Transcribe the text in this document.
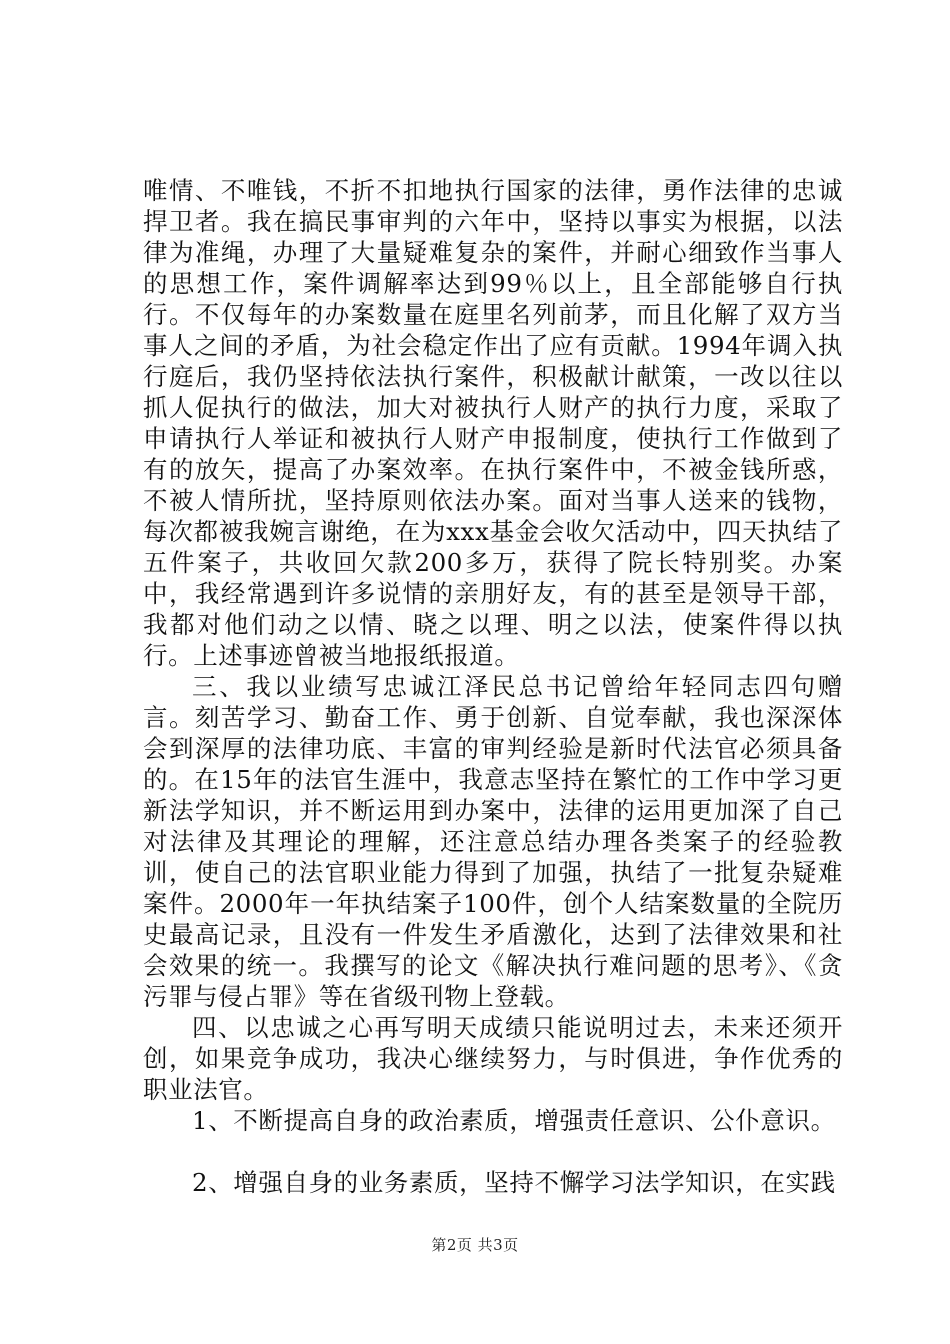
唯情、不唯钱，不折不扣地执行国家的法律，勇作法律的忠诚捍卫者。我在搞民事审判的六年中，坚持以事实为根据，以法律为准绳，办理了大量疑难复杂的案件，并耐心细致作当事人的思想工作，案件调解率达到99％以上，且全部能够自行执行。不仅每年的办案数量在庭里名列前茅，而且化解了双方当事人之间的矛盾，为社会稳定作出了应有贡献。1994年调入执行庭后，我仍坚持依法执行案件，积极献计献策，一改以往以抓人促执行的做法，加大对被执行人财产的执行力度，采取了申请执行人举证和被执行人财产申报制度，使执行工作做到了有的放矢，提高了办案效率。在执行案件中，不被金钱所惑，不被人情所扰，坚持原则依法办案。面对当事人送来的钱物，每次都被我婉言谢绝，在为xxx基金会收欠活动中，四天执结了五件案子，共收回欠款200多万，获得了院长特别奖。办案中，我经常遇到许多说情的亲朋好友，有的甚至是领导干部，我都对他们动之以情、晓之以理、明之以法，使案件得以执行。上述事迹曾被当地报纸报道。

三、我以业绩写忠诚江泽民总书记曾给年轻同志四句赠言。刻苦学习、勤奋工作、勇于创新、自觉奉献，我也深深体会到深厚的法律功底、丰富的审判经验是新时代法官必须具备的。在15年的法官生涯中，我意志坚持在繁忙的工作中学习更新法学知识，并不断运用到办案中，法律的运用更加深了自己对法律及其理论的理解，还注意总结办理各类案子的经验教训，使自己的法官职业能力得到了加强，执结了一批复杂疑难案件。2000年一年执结案子100件，创个人结案数量的全院历史最高记录，且没有一件发生矛盾激化，达到了法律效果和社会效果的统一。我撰写的论文《解决执行难问题的思考》、《贪污罪与侵占罪》等在省级刊物上登载。

四、以忠诚之心再写明天成绩只能说明过去，未来还须开创，如果竞争成功，我决心继续努力，与时俱进，争作优秀的职业法官。

1、不断提高自身的政治素质，增强责任意识、公仆意识。

2、增强自身的业务素质，坚持不懈学习法学知识，在实践

第2页 共3页
